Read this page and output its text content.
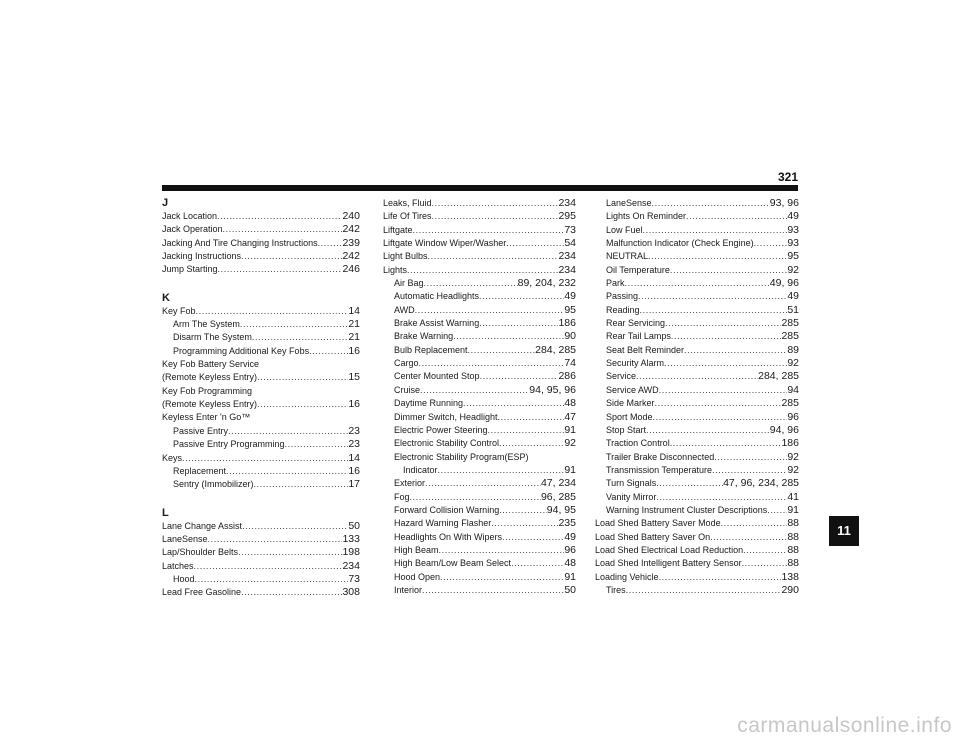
321
J
Jack Location .....	240
Jack Operation .....	242
Jacking And Tire Changing Instructions ..... 239
Jacking Instructions .....	242
Jump Starting .....	246
K
Key Fob .....	14
Arm The System .....	21
Disarm The System .....	21
Programming Additional Key Fobs .....	16
Key Fob Battery Service
(Remote Keyless Entry) .....	15
Key Fob Programming
(Remote Keyless Entry) .....	16
Keyless Enter 'n Go™
Passive Entry .....	23
Passive Entry Programming .....	23
Keys .....	14
Replacement .....	16
Sentry (Immobilizer) .....	17
L
Lane Change Assist .....	50
LaneSense .....	133
Lap/Shoulder Belts .....	198
Latches .....	234
Hood .....	73
Lead Free Gasoline .....	308
Leaks, Fluid .....	234
Life Of Tires .....	295
Liftgate .....	73
Liftgate Window Wiper/Washer .....	54
Light Bulbs .....	234
Lights .....	234
Air Bag .....	89, 204, 232
Automatic Headlights .....	49
AWD .....	95
Brake Assist Warning .....	186
Brake Warning .....	90
Bulb Replacement .....	284, 285
Cargo .....	74
Center Mounted Stop .....	286
Cruise .....	94, 95, 96
Daytime Running .....	48
Dimmer Switch, Headlight .....	47
Electric Power Steering .....	91
Electronic Stability Control .....	92
Electronic Stability Program(ESP)
Indicator .....	91
Exterior .....	47, 234
Fog .....	96, 285
Forward Collision Warning .....	94, 95
Hazard Warning Flasher .....	235
Headlights On With Wipers .....	49
High Beam .....	96
High Beam/Low Beam Select .....	48
Hood Open .....	91
Interior .....	50
LaneSense .....	93, 96
Lights On Reminder .....	49
Low Fuel .....	93
Malfunction Indicator (Check Engine) .....	93
NEUTRAL .....	95
Oil Temperature .....	92
Park .....	49, 96
Passing .....	49
Reading .....	51
Rear Servicing .....	285
Rear Tail Lamps .....	285
Seat Belt Reminder .....	89
Security Alarm .....	92
Service .....	284, 285
Service AWD .....	94
Side Marker .....	285
Sport Mode .....	96
Stop Start .....	94, 96
Traction Control .....	186
Trailer Brake Disconnected .....	92
Transmission Temperature .....	92
Turn Signals .....	47, 96, 234, 285
Vanity Mirror .....	41
Warning Instrument Cluster Descriptions ..... 91
Load Shed Battery Saver Mode .....	88
Load Shed Battery Saver On .....	88
Load Shed Electrical Load Reduction .....	88
Load Shed Intelligent Battery Sensor .....	88
Loading Vehicle .....	138
Tires .....	290
11
carmanualsonline.info
